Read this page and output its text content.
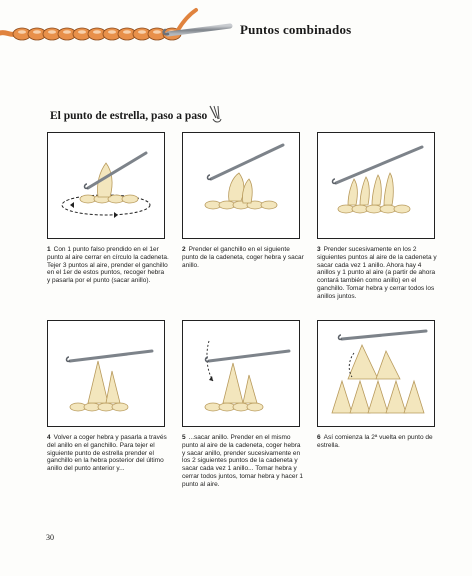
Puntos combinados
El punto de estrella, paso a paso
1 Con 1 punto falso prendido en el 1er punto al aire cerrar en círculo la cadeneta. Tejer 3 puntos al aire, prender el ganchillo en el 1er de estos puntos, recoger hebra y pasarla por el punto (sacar anillo).
2 Prender el ganchillo en el siguiente punto de la cadeneta, coger hebra y sacar anillo.
3 Prender sucesivamente en los 2 siguientes puntos al aire de la cadeneta y sacar cada vez 1 anillo. Ahora hay 4 anillos y 1 punto al aire (a partir de ahora contará también como anillo) en el ganchillo. Tomar hebra y cerrar todos los anillos juntos.
4 Volver a coger hebra y pasarla a través del anillo en el ganchillo. Para tejer el siguiente punto de estrella prender el ganchillo en la hebra posterior del último anillo del punto anterior y...
5 ...sacar anillo. Prender en el mismo punto al aire de la cadeneta, coger hebra y sacar anillo, prender sucesivamente en los 2 siguientes puntos de la cadeneta y sacar cada vez 1 anillo... Tomar hebra y cerrar todos juntos, tomar hebra y hacer 1 punto al aire.
6 Así comienza la 2ª vuelta en punto de estrella.
30
